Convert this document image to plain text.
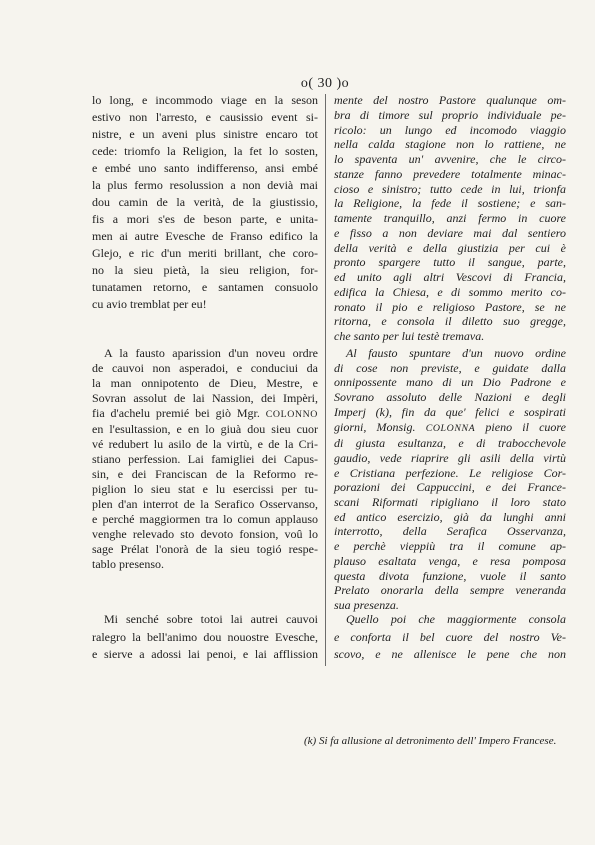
o( 30 )o
lo long, e incommodo viage en la seson
estivo non l'arresto, e causissio event si-
nistre, e un aveni plus sinistre encaro tot
cede: triomfo la Religion, la fet lo sosten,
e embé uno santo indifferenso, ansi embé
la plus fermo resolussion a non devià mai
dou camin de la verità, de la giustissio,
fis a mori s'es de beson parte, e unita-
men ai autre Evesche de Franso edifico la
Glejo, e ric d'un meriti brillant, che coro-
no la sieu pietà, la sieu religion, for-
tunatamen retorno, e santamen consuolo
cu avio tremblat per eu!
A la fausto aparission d'un noveu ordre
de cauvoi non asperadoi, e conduciui da
la man onnipotento de Dieu, Mestre, e
Sovran assolut de lai Nassion, dei Impèri,
fia d'achelu premié bei giò Mgr. COLONNO
en l'esultassion, e en lo giuà dou sieu cuor
vé redubert lu asilo de la virtù, e de la Cri-
stiano perfession. Lai famigliei dei Capus-
sin, e dei Franciscan de la Reformo re-
piglion lo sieu stat e lu esercissi per tu-
plen d'an interrot de la Serafico Osservanso,
e perché maggiormen tra lo comun applauso
venghe relevado sto devoto fonsion, voû lo
sage Prélat l'onorà de la sieu togió respe-
tablo presenso.
Mi senché sobre totoi lai autrei cauvoi
ralegro la bell'animo dou nouostre Evesche,
e sierve a adossi lai penoi, e lai afflission
mente del nostro Pastore qualunque om-
bra di timore sul proprio individuale pe-
ricolo: un lungo ed incomodo viaggio
nella calda stagione non lo rattiene, ne
lo spaventa un' avvenire, che le circo-
stanze fanno prevedere totalmente minac-
cioso e sinistro; tutto cede in lui, trionfa
la Religione, la fede il sostiene; e san-
tamente tranquillo, anzi fermo in cuore
e fisso a non deviare mai dal sentiero
della verità e della giustizia per cui è
pronto spargere tutto il sangue, parte,
ed unito agli altri Vescovi di Francia,
edifica la Chiesa, e di sommo merito co-
ronato il pio e religioso Pastore, se ne
ritorna, e consola il diletto suo gregge,
che santo per lui testè tremava.
Al fausto spuntare d'un nuovo ordine
di cose non previste, e guidate dalla
onnipossente mano di un Dio Padrone e
Sovrano assoluto delle Nazioni e degli
Imperj (k), fin da que' felici e sospirati
giorni, Monsig. COLONNA pieno il cuore
di giusta esultanza, e di trabocchevole
gaudio, vede riaprire gli asili della virtù
e Cristiana perfezione. Le religiose Cor-
porazioni dei Cappuccini, e dei France-
scani Riformati ripigliano il loro stato
ed antico esercizio, già da lunghi anni
interrotto, della Serafica Osservanza,
e perchè vieppiù tra il comune ap-
plauso esaltata venga, e resa pomposa
questa divota funzione, vuole il santo
Prelato onorarla della sempre veneranda
sua presenza.
Quello poi che maggiormente consola
e conforta il bel cuore del nostro Ve-
scovo, e ne allenisce le pene che non
(k) Si fa allusione al detronimento dell' Impero Francese.
